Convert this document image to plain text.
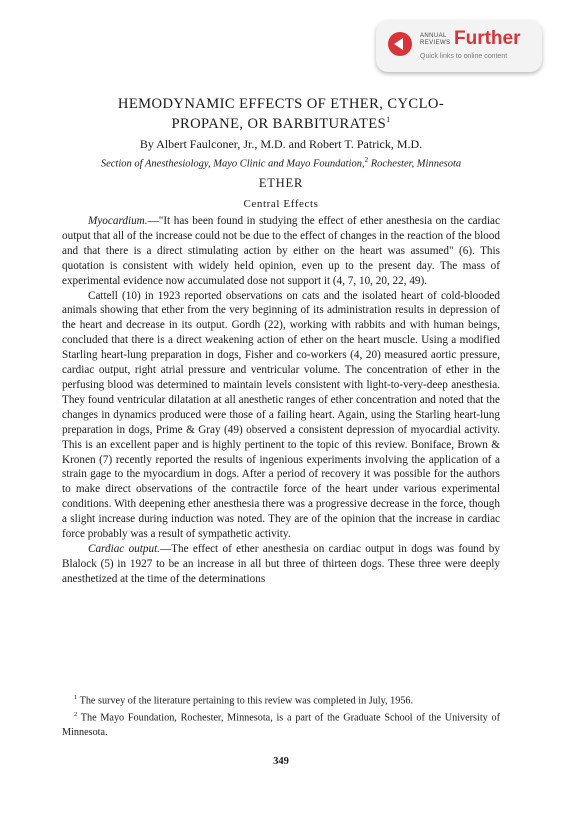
ANNUAL
REVIEWS Further
Quick links to online content
HEMODYNAMIC EFFECTS OF ETHER, CYCLO-
PROPANE, OR BARBITURATES$^1$
By Albert Faulconer, Jr., M.D. and Robert T. Patrick, M.D.
Section of Anesthesiology, Mayo Clinic and Mayo Foundation,$^2$ Rochester, Minnesota
ETHER
Central Effects

Myocardium.—"It has been found in studying the effect of ether anesthesia on the cardiac output that all of the increase could not be due to the effect of changes in the reaction of the blood and that there is a direct stimulating action by either on the heart was assumed" (6). This quotation is consistent with widely held opinion, even up to the present day. The mass of experimental evidence now accumulated dose not support it (4, 7, 10, 20, 22, 49).

Cattell (10) in 1923 reported observations on cats and the isolated heart of cold-blooded animals showing that ether from the very beginning of its administration results in depression of the heart and decrease in its output. Gordh (22), working with rabbits and with human beings, concluded that there is a direct weakening action of ether on the heart muscle. Using a modified Starling heart-lung preparation in dogs, Fisher and co-workers (4, 20) measured aortic pressure, cardiac output, right atrial pressure and ventricular volume. The concentration of ether in the perfusing blood was determined to maintain levels consistent with light-to-very-deep anesthesia. They found ventricular dilatation at all anesthetic ranges of ether concentration and noted that the changes in dynamics produced were those of a failing heart. Again, using the Starling heart-lung preparation in dogs, Prime & Gray (49) observed a consistent depression of myocardial activity. This is an excellent paper and is highly pertinent to the topic of this review. Boniface, Brown & Kronen (7) recently reported the results of ingenious experiments involving the application of a strain gage to the myocardium in dogs. After a period of recovery it was possible for the authors to make direct observations of the contractile force of the heart under various experimental conditions. With deepening ether anesthesia there was a progressive decrease in the force, though a slight increase during induction was noted. They are of the opinion that the increase in cardiac force probably was a result of sympathetic activity.

Cardiac output.—The effect of ether anesthesia on cardiac output in dogs was found by Blalock (5) in 1927 to be an increase in all but three of thirteen dogs. These three were deeply anesthetized at the time of the determinations

$^1$ The survey of the literature pertaining to this review was completed in July, 1956.

$^2$ The Mayo Foundation, Rochester, Minnesota, is a part of the Graduate School of the University of Minnesota.

349
